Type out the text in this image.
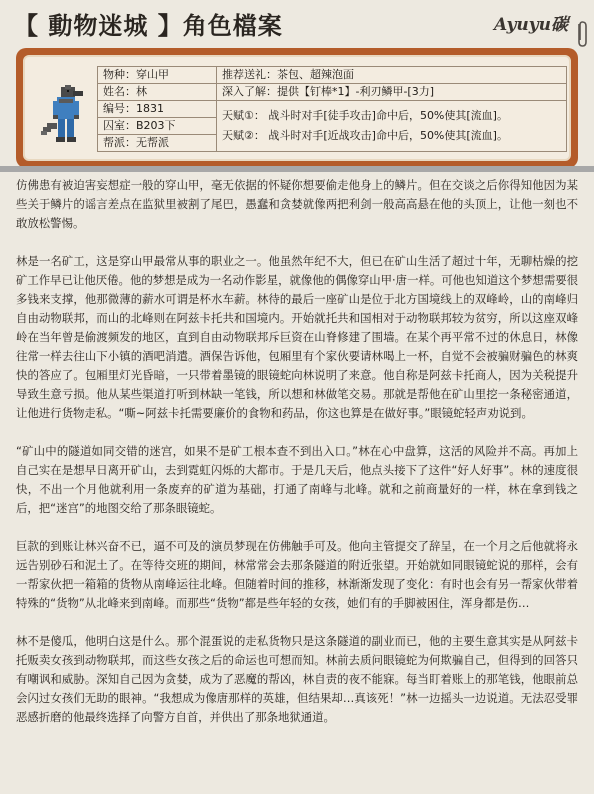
【 動物迷城 】角色檔案	Ayuyu碳
物种：穿山甲	推荐送礼：茶包、超辣泡面
姓名：林	深入了解：提供【钉棒*1】-利刃鳞甲-[3力]
编号：1831	天赋①： 战斗时对手[徒手攻击]命中后，50%使其[流血]。
天赋②： 战斗时对手[近战攻击]命中后，50%使其[流血]。

囚室：B203下	
帮派：无帮派	

仿佛患有被迫害妄想症一般的穿山甲，毫无依据的怀疑你想要偷走他身上的鳞片。但在交谈之后你得知他因为某些关于鳞片的谣言差点在监狱里被割了尾巴，愚蠢和贪婪就像两把利剑一般高高悬在他的头顶上，让他一刻也不敢放松警惕。

林是一名矿工，这是穿山甲最常从事的职业之一。他虽然年纪不大，但已在矿山生活了超过十年，无聊枯燥的挖矿工作早已让他厌倦。他的梦想是成为一名动作影星，就像他的偶像穿山甲·唐一样。可他也知道这个梦想需要很多钱来支撑，他那微薄的薪水可谓是杯水车薪。林待的最后一座矿山是位于北方国境线上的双峰岭，山的南峰归自由动物联邦，而山的北峰则在阿兹卡托共和国境内。开始就托共和国相对于动物联邦较为贫穷，所以这座双峰岭在当年曾是偷渡频发的地区，直到自由动物联邦斥巨资在山脊修建了围墙。在某个再平常不过的休息日，林像往常一样去往山下小镇的酒吧消遣。酒保告诉他，包厢里有个家伙要请林喝上一杯，自觉不会被骗财骗色的林爽快的答应了。包厢里灯光昏暗，一只带着墨镜的眼镜蛇向林说明了来意。他自称是阿兹卡托商人，因为关税提升导致生意亏损。他从某些渠道打听到林缺一笔钱，所以想和林做笔交易。那就是帮他在矿山里挖一条秘密通道，让他进行货物走私。“嘶~阿兹卡托需要廉价的食物和药品，你这也算是在做好事。”眼镜蛇轻声劝说到。

“矿山中的隧道如同交错的迷宫，如果不是矿工根本查不到出入口。”林在心中盘算，这活的风险并不高。再加上自己实在是想早日离开矿山，去到霓虹闪烁的大都市。于是几天后，他点头接下了这件“好人好事”。林的速度很快，不出一个月他就利用一条废弃的矿道为基础，打通了南峰与北峰。就和之前商量好的一样，林在拿到钱之后，把“迷宫”的地图交给了那条眼镜蛇。

巨款的到账让林兴奋不已，逼不可及的演员梦现在仿佛触手可及。他向主管提交了辞呈，在一个月之后他就将永远告别砂石和泥土了。在等待交班的期间，林常常会去那条隧道的附近张望。开始就如同眼镜蛇说的那样，会有一帮家伙把一箱箱的货物从南峰运往北峰。但随着时间的推移，林渐渐发现了变化：有时也会有另一帮家伙带着特殊的“货物”从北峰来到南峰。而那些“货物”都是些年轻的女孩，她们有的手脚被困住，浑身都是伤…

林不是傻瓜，他明白这是什么。那个混蛋说的走私货物只是这条隧道的副业而已，他的主要生意其实是从阿兹卡托贩卖女孩到动物联邦，而这些女孩之后的命运也可想而知。林前去质问眼镜蛇为何欺骗自己，但得到的回答只有嘲讽和威胁。深知自己因为贪婪，成为了恶魔的帮凶，林自责的夜不能寐。每当盯着账上的那笔钱，他眼前总会闪过女孩们无助的眼神。“我想成为像唐那样的英雄，但结果却…真该死！”林一边摇头一边说道。无法忍受罪恶感折磨的他最终选择了向警方自首，并供出了那条地狱通道。
